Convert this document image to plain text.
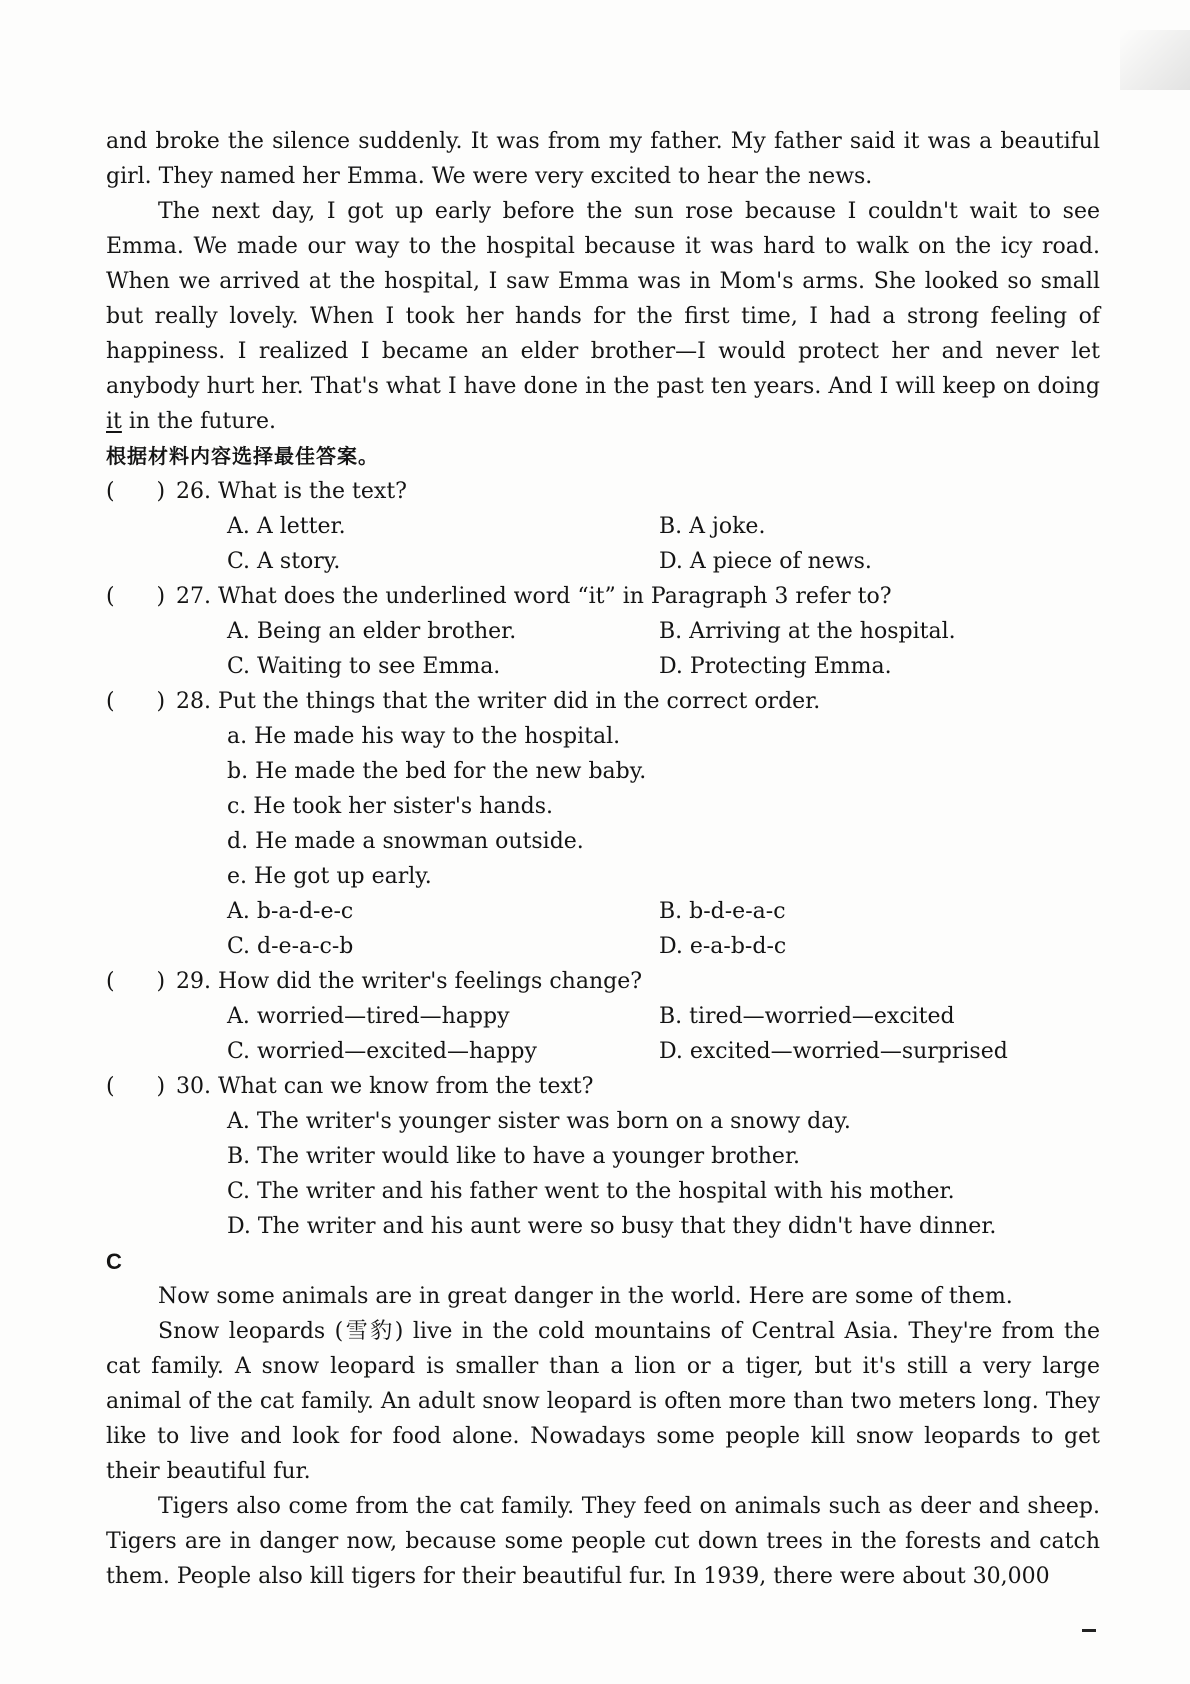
and broke the silence suddenly. It was from my father. My father said it was a beautiful girl. They named her Emma. We were very excited to hear the news.

The next day, I got up early before the sun rose because I couldn't wait to see Emma. We made our way to the hospital because it was hard to walk on the icy road. When we arrived at the hospital, I saw Emma was in Mom's arms. She looked so small but really lovely. When I took her hands for the first time, I had a strong feeling of happiness. I realized I became an elder brother—I would protect her and never let anybody hurt her. That's what I have done in the past ten years. And I will keep on doing it in the future.

根据材料内容选择最佳答案。

(      ) 26. What is the text?
A. A letter.	B. A joke.
C. A story.	D. A piece of news.
(      ) 27. What does the underlined word “it” in Paragraph 3 refer to?
A. Being an elder brother.	B. Arriving at the hospital.
C. Waiting to see Emma.	D. Protecting Emma.
(      ) 28. Put the things that the writer did in the correct order.
a. He made his way to the hospital.
b. He made the bed for the new baby.
c. He took her sister's hands.
d. He made a snowman outside.
e. He got up early.
A. b-a-d-e-c	B. b-d-e-a-c
C. d-e-a-c-b	D. e-a-b-d-c
(      ) 29. How did the writer's feelings change?
A. worried—tired—happy	B. tired—worried—excited
C. worried—excited—happy	D. excited—worried—surprised
(      ) 30. What can we know from the text?
A. The writer's younger sister was born on a snowy day.
B. The writer would like to have a younger brother.
C. The writer and his father went to the hospital with his mother.
D. The writer and his aunt were so busy that they didn't have dinner.

C

Now some animals are in great danger in the world. Here are some of them.

Snow leopards (雪豹) live in the cold mountains of Central Asia. They're from the cat family. A snow leopard is smaller than a lion or a tiger, but it's still a very large animal of the cat family. An adult snow leopard is often more than two meters long. They like to live and look for food alone. Nowadays some people kill snow leopards to get their beautiful fur.

Tigers also come from the cat family. They feed on animals such as deer and sheep. Tigers are in danger now, because some people cut down trees in the forests and catch them. People also kill tigers for their beautiful fur. In 1939, there were about 30,000
